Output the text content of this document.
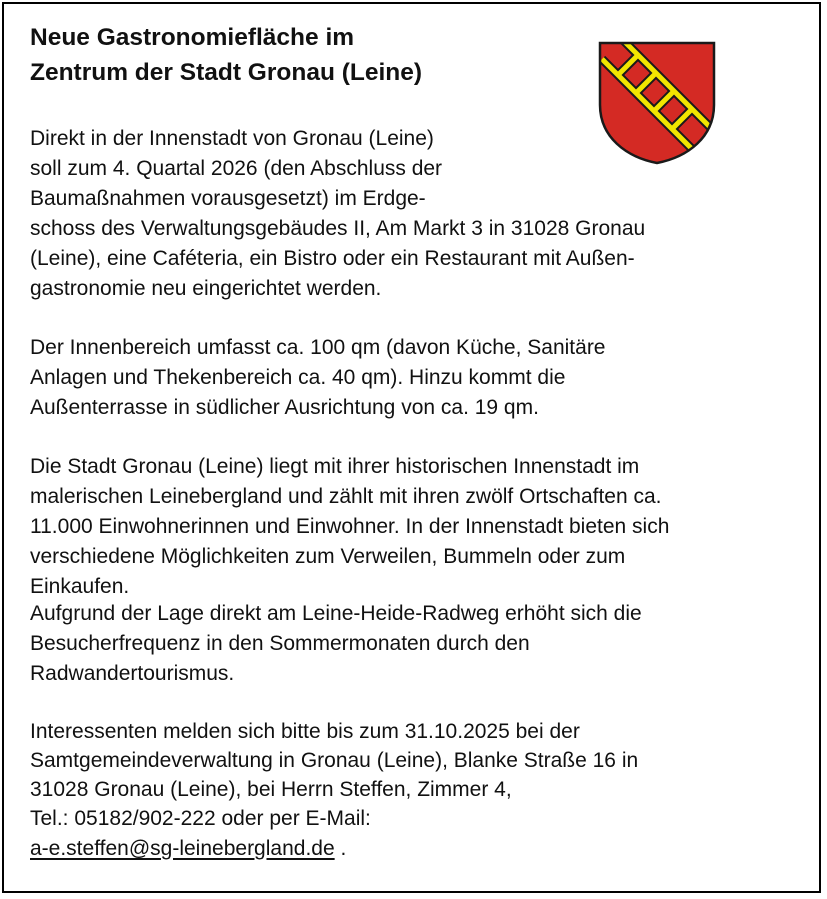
Neue Gastronomiefläche im
Zentrum der Stadt Gronau (Leine)
Direkt in der Innenstadt von Gronau (Leine)
soll zum 4. Quartal 2026 (den Abschluss der
Baumaßnahmen vorausgesetzt) im Erdge-
schoss des Verwaltungsgebäudes II, Am Markt 3 in 31028 Gronau
(Leine), eine Caféteria, ein Bistro oder ein Restaurant mit Außen-
gastronomie neu eingerichtet werden.
Der Innenbereich umfasst ca. 100 qm (davon Küche, Sanitäre
Anlagen und Thekenbereich ca. 40 qm). Hinzu kommt die
Außenterrasse in südlicher Ausrichtung von ca. 19 qm.
Die Stadt Gronau (Leine) liegt mit ihrer historischen Innenstadt im
malerischen Leinebergland und zählt mit ihren zwölf Ortschaften ca.
11.000 Einwohnerinnen und Einwohner. In der Innenstadt bieten sich
verschiedene Möglichkeiten zum Verweilen, Bummeln oder zum
Einkaufen.
Aufgrund der Lage direkt am Leine-Heide-Radweg erhöht sich die
Besucherfrequenz in den Sommermonaten durch den
Radwandertourismus.
Interessenten melden sich bitte bis zum 31.10.2025 bei der
Samtgemeindeverwaltung in Gronau (Leine), Blanke Straße 16 in
31028 Gronau (Leine), bei Herrn Steffen, Zimmer 4,
Tel.: 05182/902-222 oder per E-Mail:
a-e.steffen@sg-leinebergland.de .
